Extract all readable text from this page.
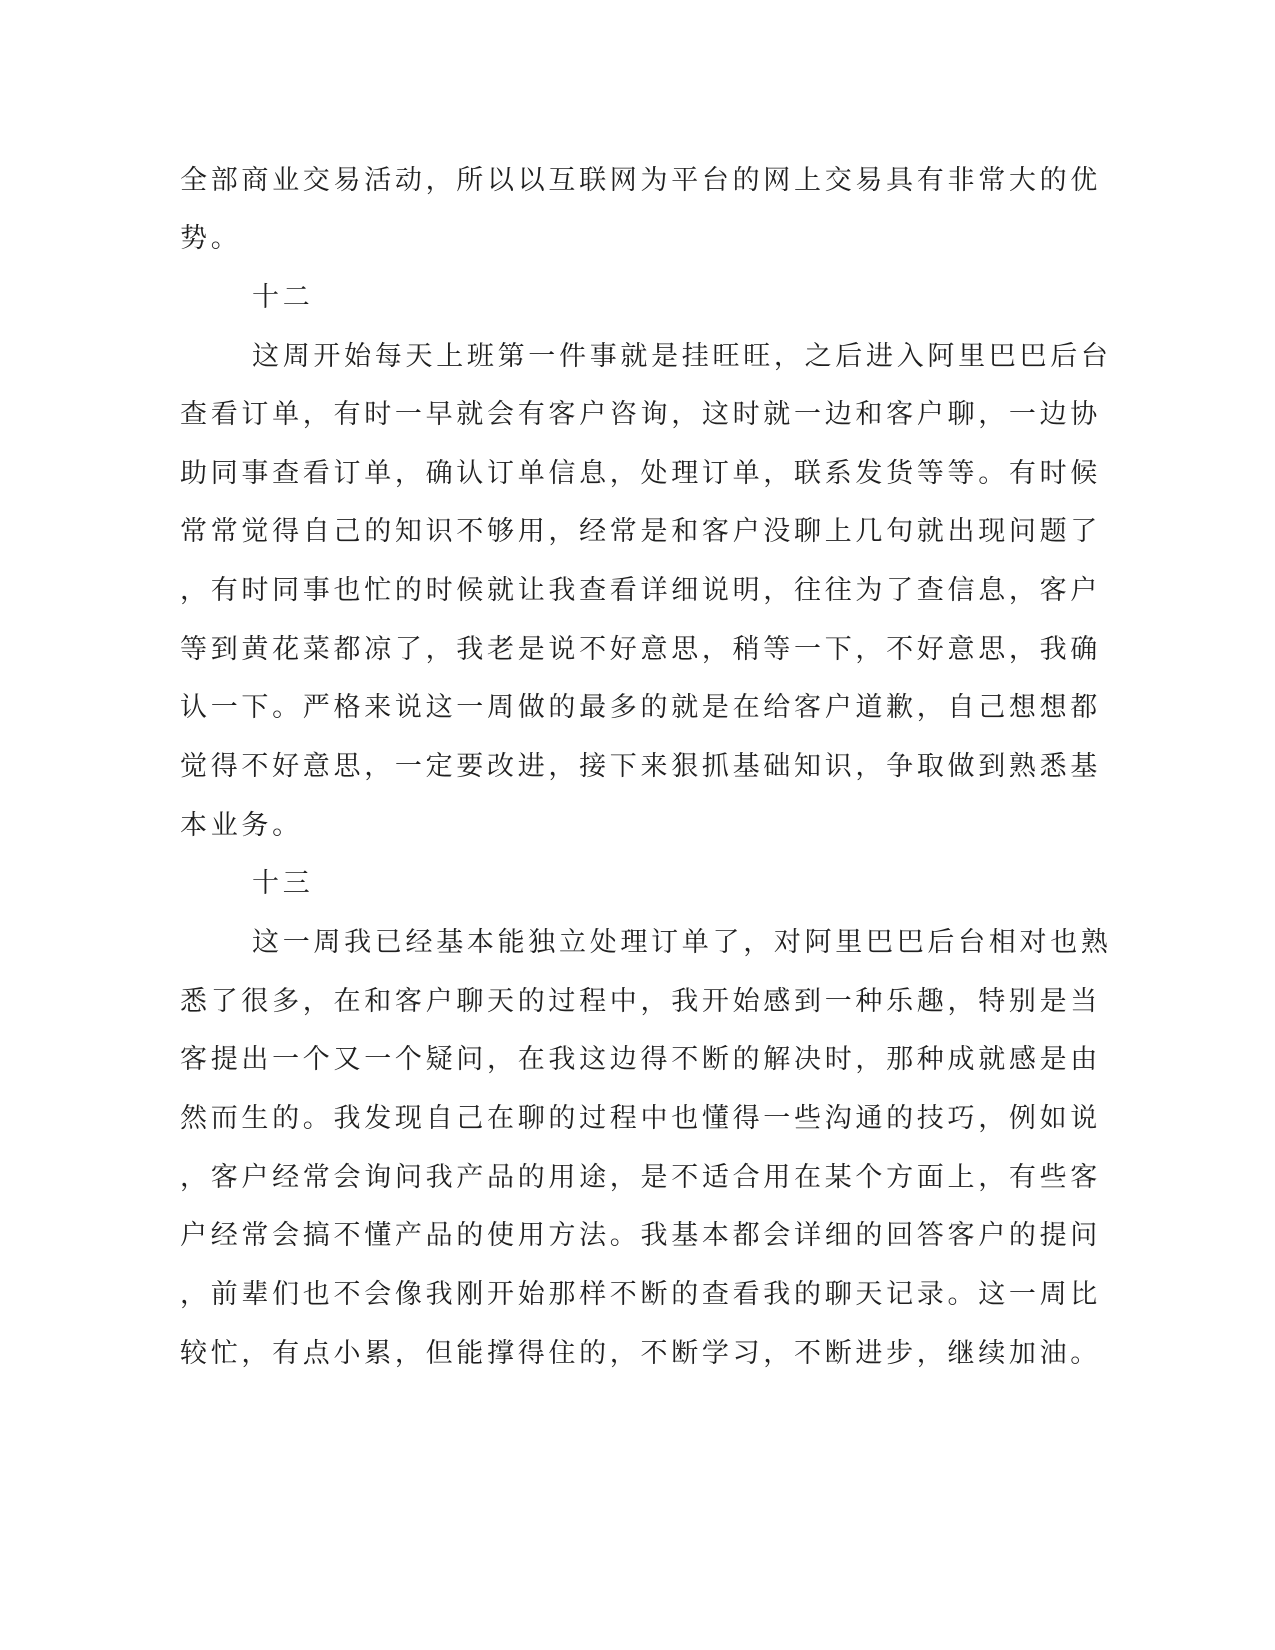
全部商业交易活动，所以以互联网为平台的网上交易具有非常大的优

势。

十二

这周开始每天上班第一件事就是挂旺旺，之后进入阿里巴巴后台

查看订单，有时一早就会有客户咨询，这时就一边和客户聊，一边协

助同事查看订单，确认订单信息，处理订单，联系发货等等。有时候

常常觉得自己的知识不够用，经常是和客户没聊上几句就出现问题了

，有时同事也忙的时候就让我查看详细说明，往往为了查信息，客户

等到黄花菜都凉了，我老是说不好意思，稍等一下，不好意思，我确

认一下。严格来说这一周做的最多的就是在给客户道歉，自己想想都

觉得不好意思，一定要改进，接下来狠抓基础知识，争取做到熟悉基

本业务。

十三

这一周我已经基本能独立处理订单了，对阿里巴巴后台相对也熟

悉了很多，在和客户聊天的过程中，我开始感到一种乐趣，特别是当

客提出一个又一个疑问，在我这边得不断的解决时，那种成就感是由

然而生的。我发现自己在聊的过程中也懂得一些沟通的技巧，例如说

，客户经常会询问我产品的用途，是不适合用在某个方面上，有些客

户经常会搞不懂产品的使用方法。我基本都会详细的回答客户的提问

，前辈们也不会像我刚开始那样不断的查看我的聊天记录。这一周比

较忙，有点小累，但能撑得住的，不断学习，不断进步，继续加油。
